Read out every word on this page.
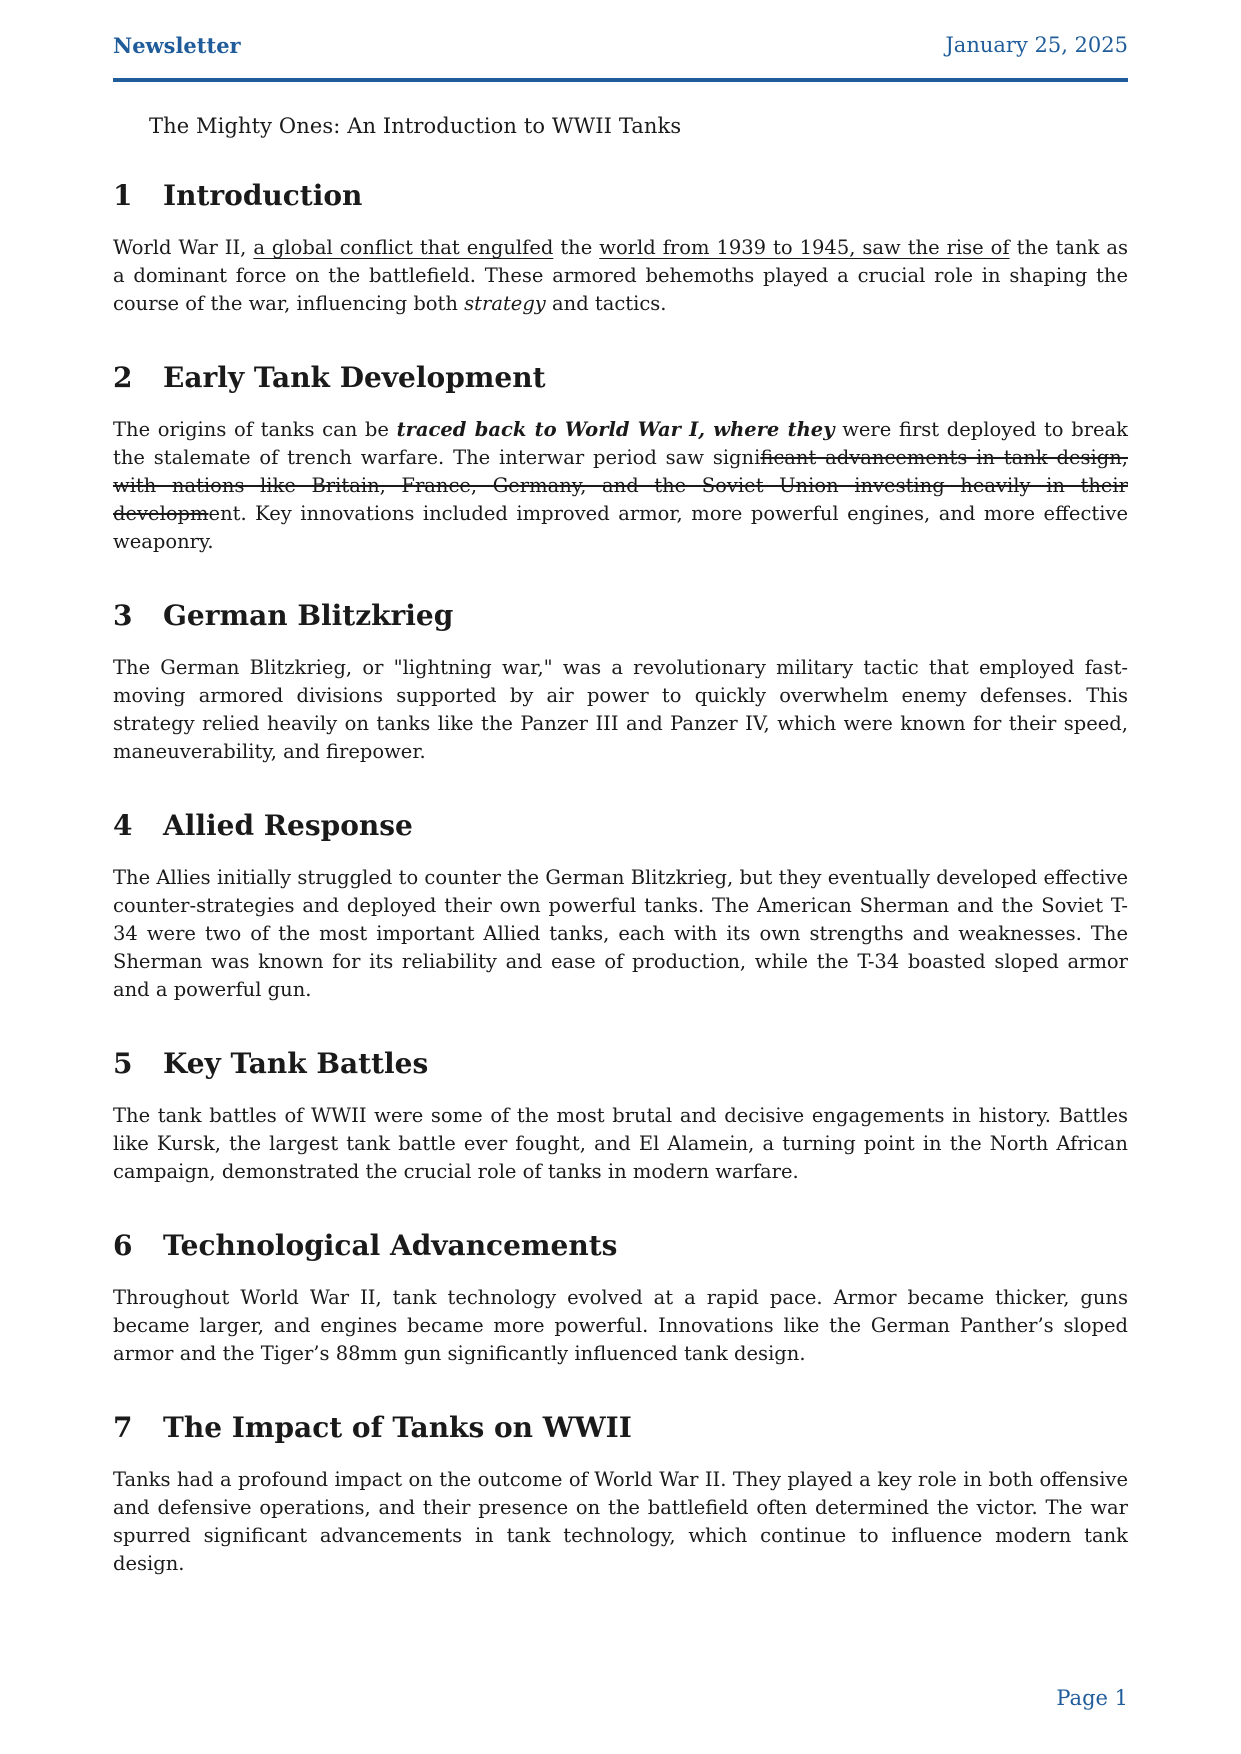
Newsletter	January 25, 2025
The Mighty Ones: An Introduction to WWII Tanks
1	Introduction

World War II, a global conflict that engulfed the world from 1939 to 1945, saw the rise of the tank as a dominant force on the battlefield. These armored behemoths played a crucial role in shaping the course of the war, influencing both strategy and tactics.

2	Early Tank Development

The origins of tanks can be traced back to World War I, where they were first deployed to break the stalemate of trench warfare. The interwar period saw significant advancements in tank design, with nations like Britain, France, Germany, and the Soviet Union investing heavily in their development. Key innovations included improved armor, more powerful engines, and more effective weaponry.

3	German Blitzkrieg

The German Blitzkrieg, or "lightning war," was a revolutionary military tactic that employed fast-moving armored divisions supported by air power to quickly overwhelm enemy defenses. This strategy relied heavily on tanks like the Panzer III and Panzer IV, which were known for their speed, maneuverability, and firepower.

4	Allied Response

The Allies initially struggled to counter the German Blitzkrieg, but they eventually developed effective counter-strategies and deployed their own powerful tanks. The American Sherman and the Soviet T-34 were two of the most important Allied tanks, each with its own strengths and weaknesses. The Sherman was known for its reliability and ease of production, while the T-34 boasted sloped armor and a powerful gun.

5	Key Tank Battles

The tank battles of WWII were some of the most brutal and decisive engagements in history. Battles like Kursk, the largest tank battle ever fought, and El Alamein, a turning point in the North African campaign, demonstrated the crucial role of tanks in modern warfare.

6	Technological Advancements

Throughout World War II, tank technology evolved at a rapid pace. Armor became thicker, guns became larger, and engines became more powerful. Innovations like the German Panther’s sloped armor and the Tiger’s 88mm gun significantly influenced tank design.

7	The Impact of Tanks on WWII

Tanks had a profound impact on the outcome of World War II. They played a key role in both offensive and defensive operations, and their presence on the battlefield often determined the victor. The war spurred significant advancements in tank technology, which continue to influence modern tank design.

Page 1
